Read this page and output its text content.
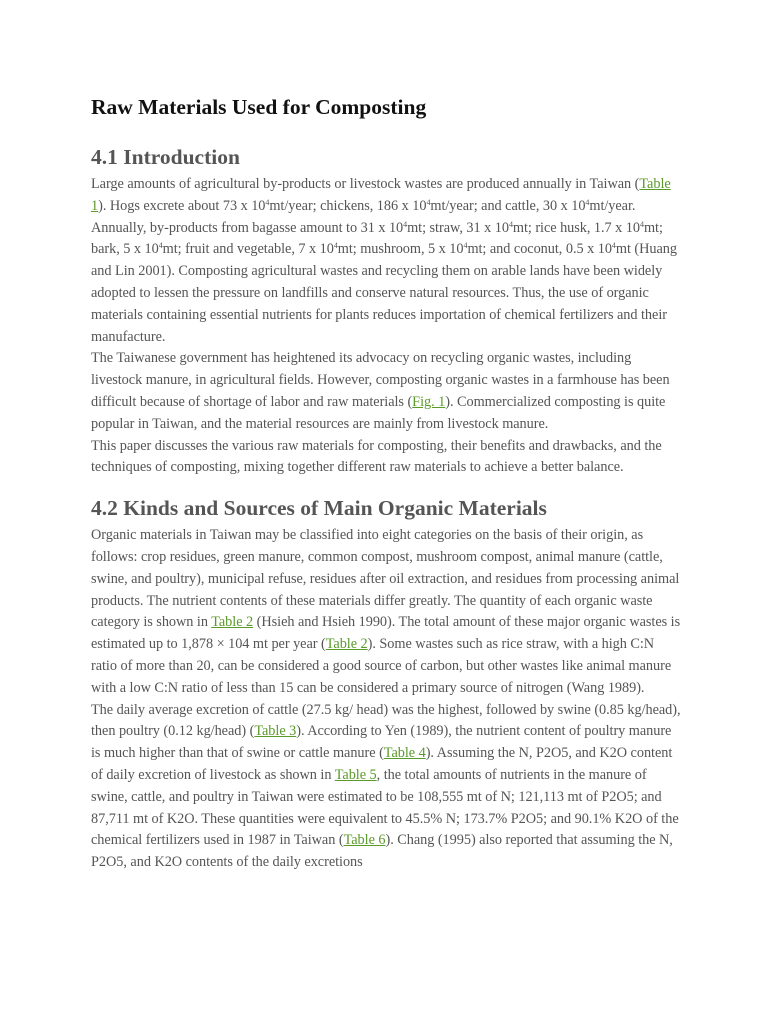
Raw Materials Used for Composting
4.1 Introduction

Large amounts of agricultural by-products or livestock wastes are produced annually in Taiwan (Table 1). Hogs excrete about 73 x $10^4mt$/year; chickens, 186 x $10^4mt$/year; and cattle, 30 x $10^4mt$/year. Annually, by-products from bagasse amount to 31 x $10^4mt$; straw, 31 x $10^4mt$; rice husk, 1.7 x $10^4mt$; bark, 5 x $10^4mt$; fruit and vegetable, 7 x $10^4mt$; mushroom, 5 x $10^4mt$; and coconut, 0.5 x $10^4mt$ (Huang and Lin 2001). Composting agricultural wastes and recycling them on arable lands have been widely adopted to lessen the pressure on landfills and conserve natural resources. Thus, the use of organic materials containing essential nutrients for plants reduces importation of chemical fertilizers and their manufacture.

The Taiwanese government has heightened its advocacy on recycling organic wastes, including livestock manure, in agricultural fields. However, composting organic wastes in a farmhouse has been difficult because of shortage of labor and raw materials (Fig. 1). Commercialized composting is quite popular in Taiwan, and the material resources are mainly from livestock manure.

This paper discusses the various raw materials for composting, their benefits and drawbacks, and the techniques of composting, mixing together different raw materials to achieve a better balance.

4.2 Kinds and Sources of Main Organic Materials

Organic materials in Taiwan may be classified into eight categories on the basis of their origin, as follows: crop residues, green manure, common compost, mushroom compost, animal manure (cattle, swine, and poultry), municipal refuse, residues after oil extraction, and residues from processing animal products. The nutrient contents of these materials differ greatly. The quantity of each organic waste category is shown in Table 2 (Hsieh and Hsieh 1990). The total amount of these major organic wastes is estimated up to 1,878 × 104 mt per year (Table 2). Some wastes such as rice straw, with a high C:N ratio of more than 20, can be considered a good source of carbon, but other wastes like animal manure with a low C:N ratio of less than 15 can be considered a primary source of nitrogen (Wang 1989).

The daily average excretion of cattle (27.5 kg/ head) was the highest, followed by swine (0.85 kg/head), then poultry (0.12 kg/head) (Table 3). According to Yen (1989), the nutrient content of poultry manure is much higher than that of swine or cattle manure (Table 4). Assuming the N, P2O5, and K2O content of daily excretion of livestock as shown in Table 5, the total amounts of nutrients in the manure of swine, cattle, and poultry in Taiwan were estimated to be 108,555 mt of N; 121,113 mt of P2O5; and 87,711 mt of K2O. These quantities were equivalent to 45.5% N; 173.7% P2O5; and 90.1% K2O of the chemical fertilizers used in 1987 in Taiwan (Table 6). Chang (1995) also reported that assuming the N, P2O5, and K2O contents of the daily excretions
